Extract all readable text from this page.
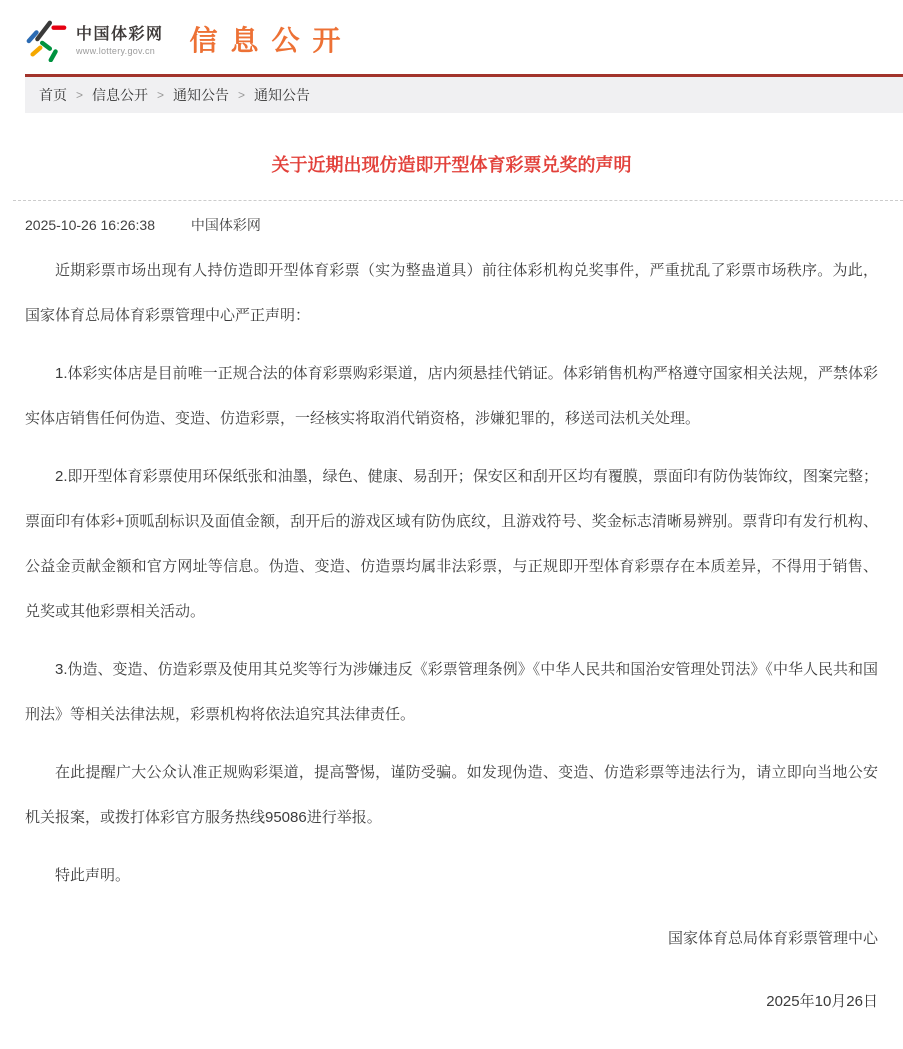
中国体彩网
www.lottery.gov.cn	信息公开
首页 > 信息公开 > 通知公告 > 通知公告
关于近期出现仿造即开型体育彩票兑奖的声明
2025-10-26 16:26:38	中国体彩网

近期彩票市场出现有人持仿造即开型体育彩票（实为整蛊道具）前往体彩机构兑奖事件，严重扰乱了彩票市场秩序。为此，国家体育总局体育彩票管理中心严正声明：

1.体彩实体店是目前唯一正规合法的体育彩票购彩渠道，店内须悬挂代销证。体彩销售机构严格遵守国家相关法规，严禁体彩实体店销售任何伪造、变造、仿造彩票，一经核实将取消代销资格，涉嫌犯罪的，移送司法机关处理。

2.即开型体育彩票使用环保纸张和油墨，绿色、健康、易刮开；保安区和刮开区均有覆膜，票面印有防伪装饰纹，图案完整；票面印有体彩+顶呱刮标识及面值金额，刮开后的游戏区域有防伪底纹，且游戏符号、奖金标志清晰易辨别。票背印有发行机构、公益金贡献金额和官方网址等信息。伪造、变造、仿造票均属非法彩票，与正规即开型体育彩票存在本质差异，不得用于销售、兑奖或其他彩票相关活动。

3.伪造、变造、仿造彩票及使用其兑奖等行为涉嫌违反《彩票管理条例》《中华人民共和国治安管理处罚法》《中华人民共和国刑法》等相关法律法规，彩票机构将依法追究其法律责任。

在此提醒广大公众认准正规购彩渠道，提高警惕，谨防受骗。如发现伪造、变造、仿造彩票等违法行为，请立即向当地公安机关报案，或拨打体彩官方服务热线95086进行举报。

特此声明。

国家体育总局体育彩票管理中心

2025年10月26日
